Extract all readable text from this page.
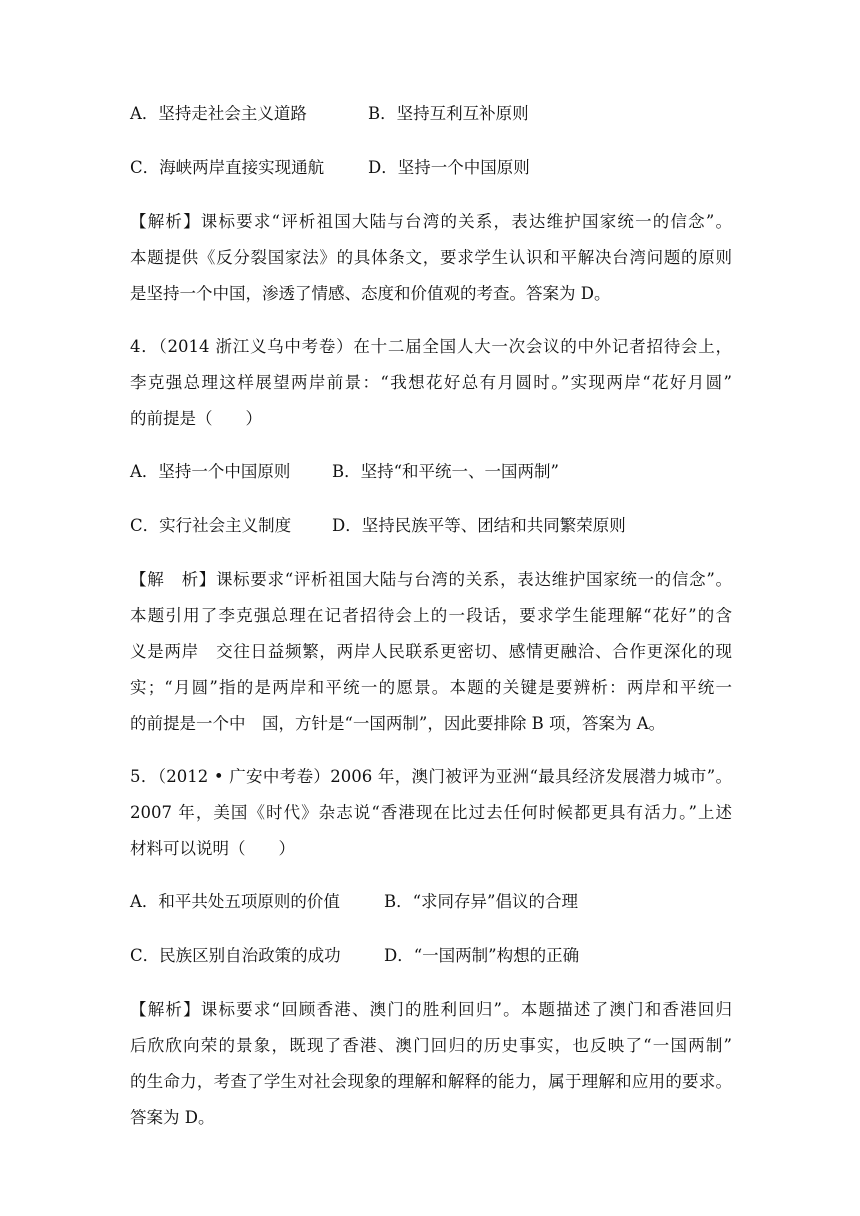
A．坚持走社会主义道路	B．坚持互利互补原则
C．海峡两岸直接实现通航	D．坚持一个中国原则
【解析】课标要求“评析祖国大陆与台湾的关系，表达维护国家统一的信念”。
本题提供《反分裂国家法》的具体条文，要求学生认识和平解决台湾问题的原则
是坚持一个中国，渗透了情感、态度和价值观的考查。答案为 D。
4．（2014 浙江义乌中考卷）在十二届全国人大一次会议的中外记者招待会上，
李克强总理这样展望两岸前景：“我想花好总有月圆时。”实现两岸“花好月圆”
的前提是（　　）
A．坚持一个中国原则	B．坚持“和平统一、一国两制”
C．实行社会主义制度 D．坚持民族平等、团结和共同繁荣原则
【解　析】课标要求“评析祖国大陆与台湾的关系，表达维护国家统一的信念”。
本题引用了李克强总理在记者招待会上的一段话，要求学生能理解“花好”的含
义是两岸　交往日益频繁，两岸人民联系更密切、感情更融洽、合作更深化的现
实；“月圆”指的是两岸和平统一的愿景。本题的关键是要辨析：两岸和平统一
的前提是一个中　国，方针是“一国两制”，因此要排除 B 项，答案为 A。
5．（2012 • 广安中考卷）2006 年，澳门被评为亚洲“最具经济发展潜力城市”。
2007 年，美国《时代》杂志说“香港现在比过去任何时候都更具有活力。”上述
材料可以说明（　　）
A．和平共处五项原则的价值	B．“求同存异”倡议的合理
C．民族区别自治政策的成功	D．“一国两制”构想的正确
【解析】课标要求“回顾香港、澳门的胜利回归”。本题描述了澳门和香港回归
后欣欣向荣的景象，既现了香港、澳门回归的历史事实，也反映了“一国两制”
的生命力，考查了学生对社会现象的理解和解释的能力，属于理解和应用的要求。
答案为 D。
